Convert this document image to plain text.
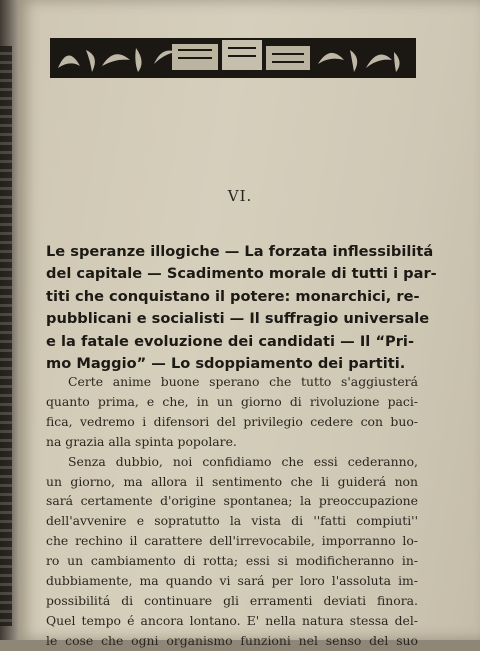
VI.
Le speranze illogiche — La forzata inflessibilitá
del capitale — Scadimento morale di tutti i par-
titi che conquistano il potere: monarchici, re-
pubblicani e socialisti — Il suffragio universale
e la fatale evoluzione dei candidati — Il “Pri-
mo Maggio” — Lo sdoppiamento dei partiti.
Certe anime buone sperano che tutto s'aggiusterá
quanto prima, e che, in un giorno di rivoluzione paci-
fica, vedremo i difensori del privilegio cedere con buo-
na grazia alla spinta popolare.
Senza dubbio, noi confidiamo che essi cederanno,
un giorno, ma allora il sentimento che li guiderá non
sará certamente d'origine spontanea; la preoccupazione
dell'avvenire e sopratutto la vista di ''fatti compiuti''
che rechino il carattere dell'irrevocabile, imporranno lo-
ro un cambiamento di rotta; essi si modificheranno in-
dubbiamente, ma quando vi sará per loro l'assoluta im-
possibilitá di continuare gli erramenti deviati finora.
Quel tempo é ancora lontano. E' nella natura stessa del-
le cose che ogni organismo funzioni nel senso del suo
